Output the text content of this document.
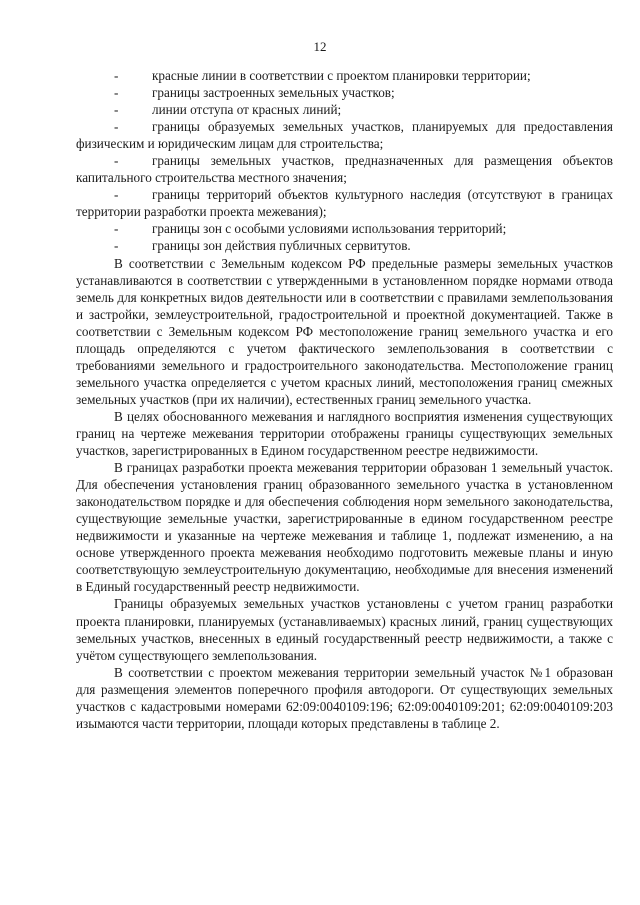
12

-	красные линии в соответствии с проектом планировки территории;

-	границы застроенных земельных участков;

-	линии отступа от красных линий;

-	границы образуемых земельных участков, планируемых для предоставления физическим и юридическим лицам для строительства;

-	границы земельных участков, предназначенных для размещения объектов капитального строительства местного значения;

-	границы территорий объектов культурного наследия (отсутствуют в границах территории разработки проекта межевания);

-	границы зон с особыми условиями использования территорий;

-	границы зон действия публичных сервитутов.

В соответствии с Земельным кодексом РФ предельные размеры земельных участков устанавливаются в соответствии с утвержденными в установленном порядке нормами отвода земель для конкретных видов деятельности или в соответствии с правилами землепользования и застройки, землеустроительной, градостроительной и проектной документацией. Также в соответствии с Земельным кодексом РФ местоположение границ земельного участка и его площадь определяются с учетом фактического землепользования в соответствии с требованиями земельного и градостроительного законодательства. Местоположение границ земельного участка определяется с учетом красных линий, местоположения границ смежных земельных участков (при их наличии), естественных границ земельного участка.

В целях обоснованного межевания и наглядного восприятия изменения существующих границ на чертеже межевания территории отображены границы существующих земельных участков, зарегистрированных в Едином государственном реестре недвижимости.

В границах разработки проекта межевания территории образован 1 земельный участок. Для обеспечения установления границ образованного земельного участка в установленном законодательством порядке и для обеспечения соблюдения норм земельного законодательства, существующие земельные участки, зарегистрированные в едином государственном реестре недвижимости и указанные на чертеже межевания и таблице 1, подлежат изменению, а на основе утвержденного проекта межевания необходимо подготовить межевые планы и иную соответствующую землеустроительную документацию, необходимые для внесения изменений в Единый государственный реестр недвижимости.

Границы образуемых земельных участков установлены с учетом границ разработки проекта планировки, планируемых (устанавливаемых) красных линий, границ существующих земельных участков, внесенных в единый государственный реестр недвижимости, а также с учётом существующего землепользования.

В соответствии с проектом межевания территории земельный участок №1 образован для размещения элементов поперечного профиля автодороги. От существующих земельных участков с кадастровыми номерами 62:09:0040109:196; 62:09:0040109:201; 62:09:0040109:203 изымаются части территории, площади которых представлены в таблице 2.
